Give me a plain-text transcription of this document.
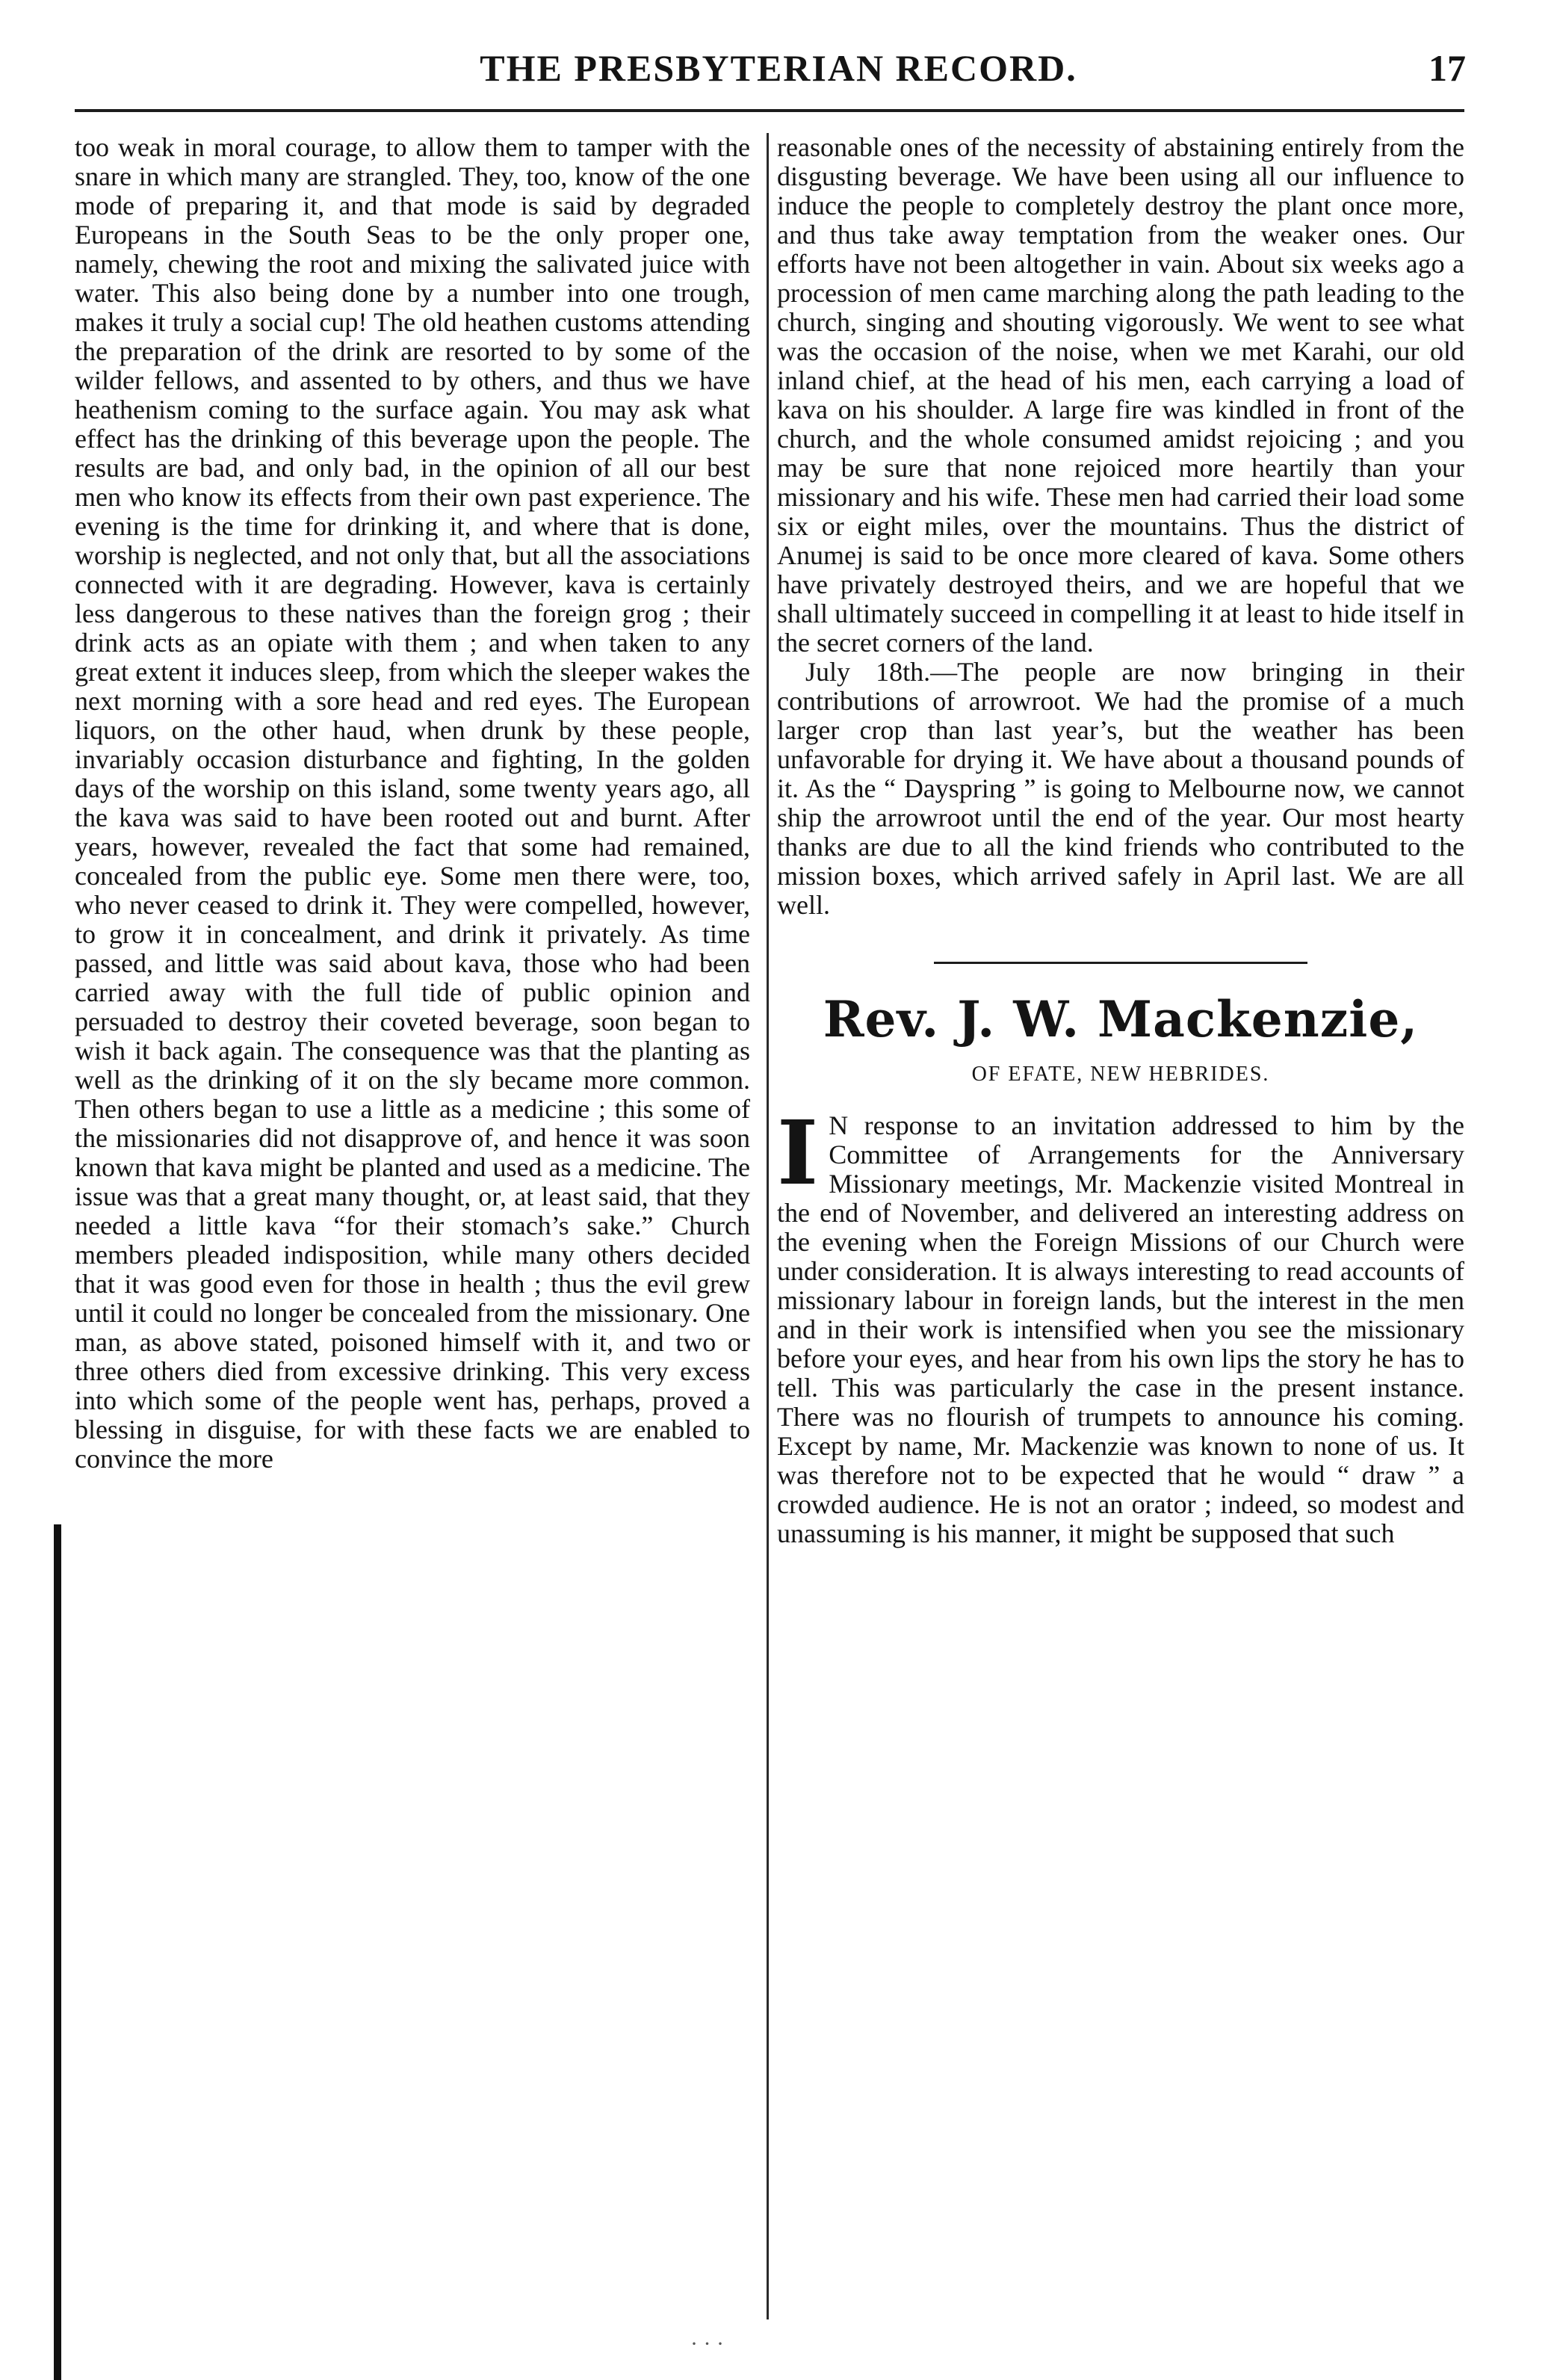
THE PRESBYTERIAN RECORD.	17

too weak in moral courage, to allow them to tamper with the snare in which many are strangled. They, too, know of the one mode of preparing it, and that mode is said by degraded Europeans in the South Seas to be the only proper one, namely, chewing the root and mixing the salivated juice with water. This also being done by a number into one trough, makes it truly a social cup! The old heathen customs attending the preparation of the drink are resorted to by some of the wilder fellows, and assented to by others, and thus we have heathenism coming to the surface again. You may ask what effect has the drinking of this beverage upon the people. The results are bad, and only bad, in the opinion of all our best men who know its effects from their own past experience. The evening is the time for drinking it, and where that is done, worship is neglected, and not only that, but all the associations connected with it are degrading. However, kava is certainly less dangerous to these natives than the foreign grog ; their drink acts as an opiate with them ; and when taken to any great extent it induces sleep, from which the sleeper wakes the next morning with a sore head and red eyes. The European liquors, on the other haud, when drunk by these people, invariably occasion disturbance and fighting, In the golden days of the worship on this island, some twenty years ago, all the kava was said to have been rooted out and burnt. After years, however, revealed the fact that some had remained, concealed from the public eye. Some men there were, too, who never ceased to drink it. They were compelled, however, to grow it in concealment, and drink it privately. As time passed, and little was said about kava, those who had been carried away with the full tide of public opinion and persuaded to destroy their coveted beverage, soon began to wish it back again. The consequence was that the planting as well as the drinking of it on the sly became more common. Then others began to use a little as a medicine ; this some of the missionaries did not disapprove of, and hence it was soon known that kava might be planted and used as a medicine. The issue was that a great many thought, or, at least said, that they needed a little kava “for their stomach’s sake.” Church members pleaded indisposition, while many others decided that it was good even for those in health ; thus the evil grew until it could no longer be concealed from the missionary. One man, as above stated, poisoned himself with it, and two or three others died from excessive drinking. This very excess into which some of the people went has, perhaps, proved a blessing in disguise, for with these facts we are enabled to convince the more

reasonable ones of the necessity of abstaining entirely from the disgusting beverage. We have been using all our influence to induce the people to completely destroy the plant once more, and thus take away temptation from the weaker ones. Our efforts have not been altogether in vain. About six weeks ago a procession of men came marching along the path leading to the church, singing and shouting vigorously. We went to see what was the occasion of the noise, when we met Karahi, our old inland chief, at the head of his men, each carrying a load of kava on his shoulder. A large fire was kindled in front of the church, and the whole consumed amidst rejoicing ; and you may be sure that none rejoiced more heartily than your missionary and his wife. These men had carried their load some six or eight miles, over the mountains. Thus the district of Anumej is said to be once more cleared of kava. Some others have privately destroyed theirs, and we are hopeful that we shall ultimately succeed in compelling it at least to hide itself in the secret corners of the land.

July 18th.—The people are now bringing in their contributions of arrowroot. We had the promise of a much larger crop than last year’s, but the weather has been unfavorable for drying it. We have about a thousand pounds of it. As the “ Dayspring ” is going to Melbourne now, we cannot ship the arrowroot until the end of the year. Our most hearty thanks are due to all the kind friends who contributed to the mission boxes, which arrived safely in April last. We are all well.

Rev. J. W. Mackenzie,
OF EFATE, NEW HEBRIDES.

I N response to an invitation addressed to him by the Committee of Arrangements for the Anniversary Missionary meetings, Mr. Mackenzie visited Montreal in the end of November, and delivered an interesting address on the evening when the Foreign Missions of our Church were under consideration. It is always interesting to read accounts of missionary labour in foreign lands, but the interest in the men and in their work is intensified when you see the missionary before your eyes, and hear from his own lips the story he has to tell. This was particularly the case in the present instance. There was no flourish of trumpets to announce his coming. Except by name, Mr. Mackenzie was known to none of us. It was therefore not to be expected that he would “ draw ” a crowded audience. He is not an orator ; indeed, so modest and unassuming is his manner, it might be supposed that such

· · ·
